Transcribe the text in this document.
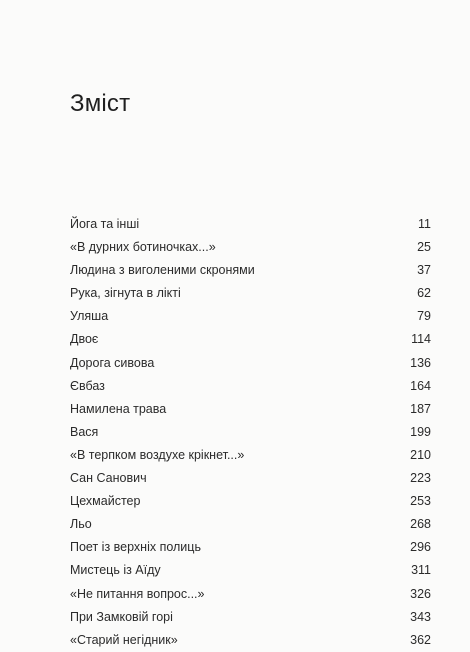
Зміст
Йога та інші	11
«В дурних ботиночках...»	25
Людина з виголеними скронями	37
Рука, зігнута в лікті	62
Уляша	79
Двоє	114
Дорога сивова	136
Євбаз	164
Намилена трава	187
Вася	199
«В терпком воздухе крікнет...»	210
Сан Санович	223
Цехмайстер	253
Льо	268
Поет із верхніх полиць	296
Мистець із Аїду	311
«Не питання вопрос...»	326
При Замковій горі	343
«Старий негідник»	362
